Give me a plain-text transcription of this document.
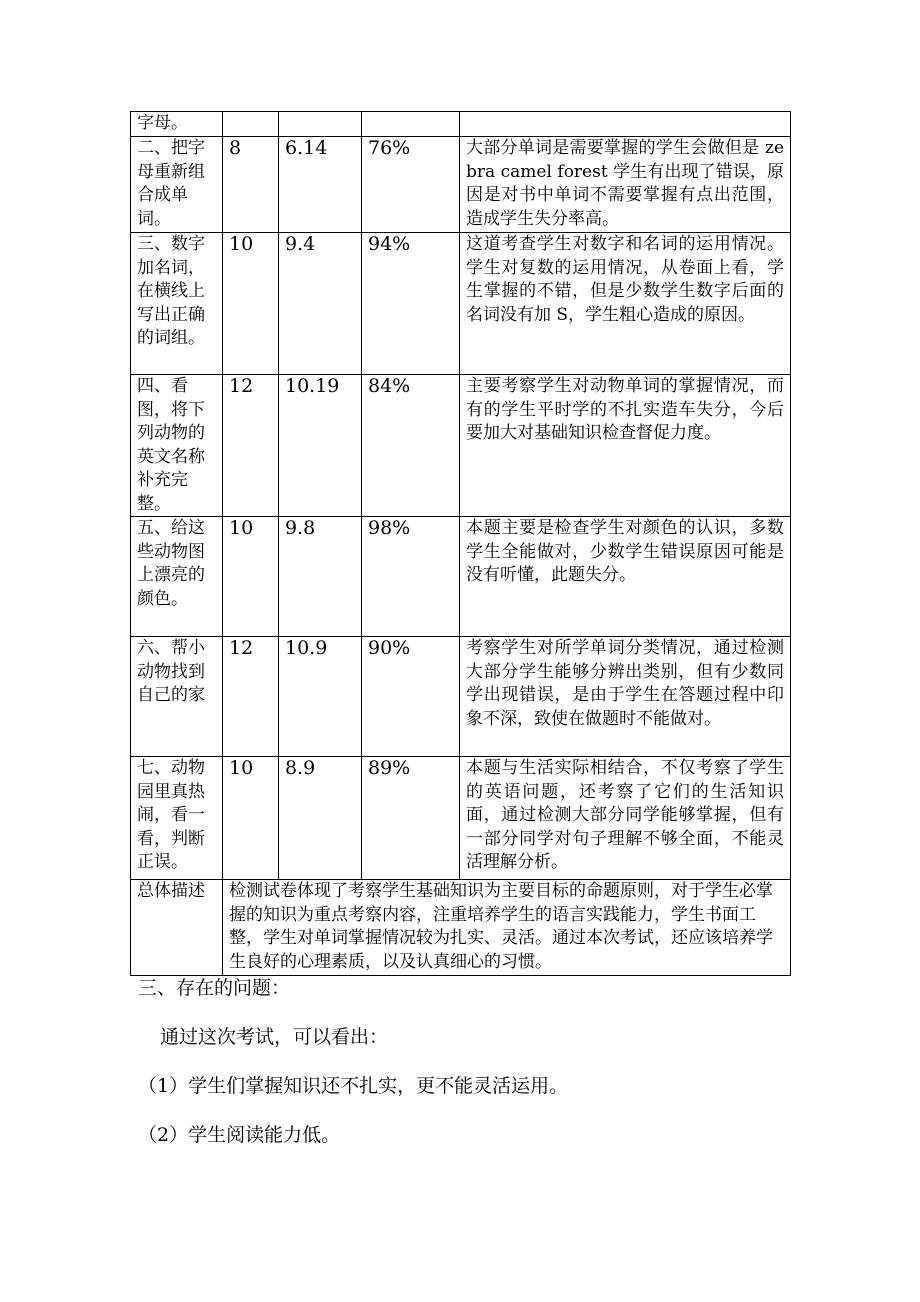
字母。				
二、把字母重新组合成单词。	8	6.14	76%	大部分单词是需要掌握的学生会做但是 zebra camel forest 学生有出现了错误，原因是对书中单词不需要掌握有点出范围，造成学生失分率高。
三、数字加名词，在横线上写出正确的词组。	10	9.4	94%	这道考查学生对数字和名词的运用情况。学生对复数的运用情况，从卷面上看，学生掌握的不错，但是少数学生数字后面的名词没有加 S，学生粗心造成的原因。
四、看图，将下列动物的英文名称补充完整。	12	10.19	84%	主要考察学生对动物单词的掌握情况，而有的学生平时学的不扎实造车失分，今后要加大对基础知识检查督促力度。
五、给这些动物图上漂亮的颜色。	10	9.8	98%	本题主要是检查学生对颜色的认识，多数学生全能做对，少数学生错误原因可能是没有听懂，此题失分。
六、帮小动物找到自己的家	12	10.9	90%	考察学生对所学单词分类情况，通过检测大部分学生能够分辨出类别，但有少数同学出现错误，是由于学生在答题过程中印象不深，致使在做题时不能做对。
七、动物园里真热闹，看一看，判断正误。	10	8.9	89%	本题与生活实际相结合，不仅考察了学生的英语问题，还考察了它们的生活知识面，通过检测大部分同学能够掌握，但有一部分同学对句子理解不够全面，不能灵活理解分析。
总体描述	检测试卷体现了考察学生基础知识为主要目标的命题原则，对于学生必掌握的知识为重点考察内容，注重培养学生的语言实践能力，学生书面工整，学生对单词掌握情况较为扎实、灵活。通过本次考试，还应该培养学生良好的心理素质，以及认真细心的习惯。			
三、存在的问题：
通过这次考试，可以看出：
（1）学生们掌握知识还不扎实，更不能灵活运用。
（2）学生阅读能力低。
